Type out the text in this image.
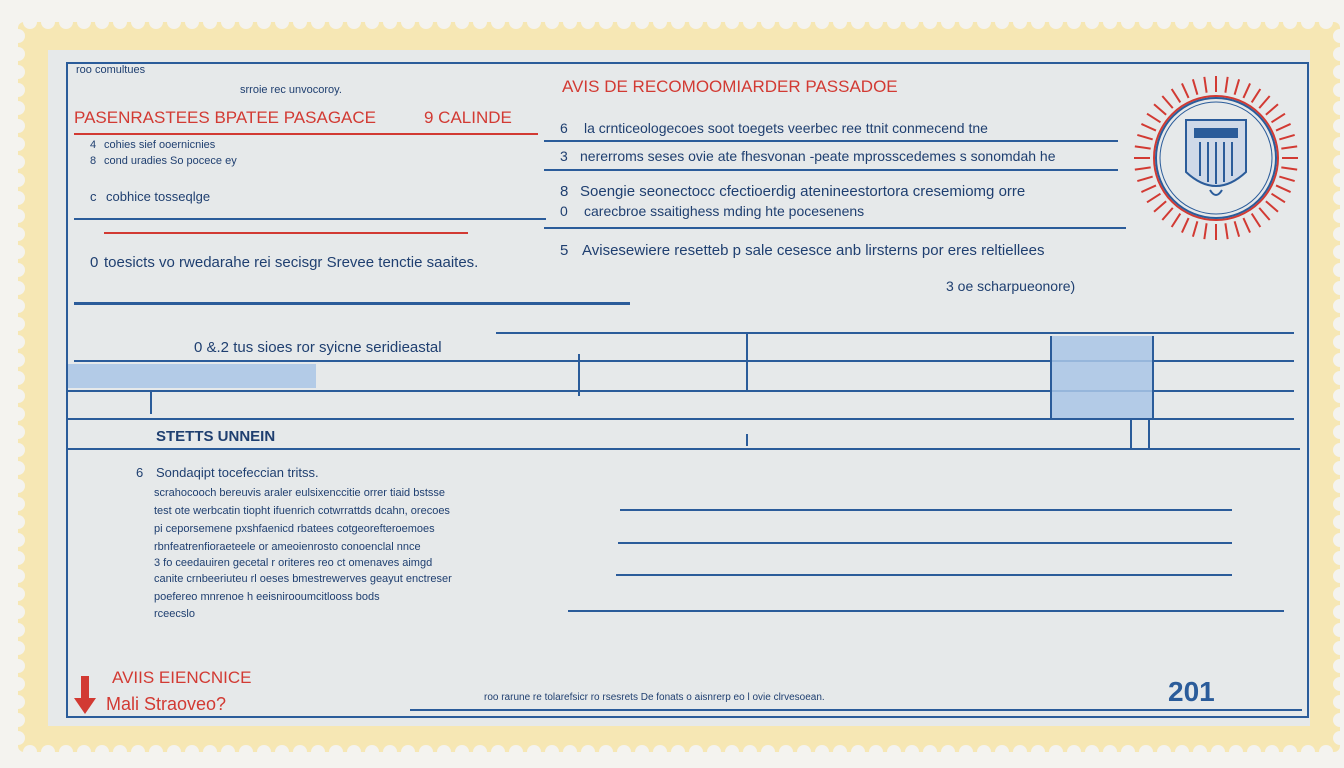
roo comultues
srroie rec unvocoroy.
PASENRASTEES BPATEE PASAGACE	9 CALINDE
AVIS DE RECOMOOMIARDER PASSADOE
4 cohies sief ooernicnies
8 cond uradies So pocece ey
c cobhice tosseqlge
0 toesicts vo rwedarahe rei secisgr Srevee tenctie saaites.
6 la crnticeologecoes soot toegets veerbec ree ttnit conmecend tne
3 nererroms seses ovie ate fhesvonan -peate mprosscedemes s sonomdah he
8 Soengie seonectocc cfectioerdig atenineestortora cresemiomg orre
0 carecbroe ssaitighess mding hte pocesenens
5 Avisesewiere resetteb p sale cesesce anb lirsterns por eres reltiellees
3 oe scharpueonore)
0 &.2 tus sioes ror syicne seridieastal
STETTS UNNEIN
6 Sondaqipt tocefeccian tritss.
scrahocooch bereuvis araler eulsixenccitie orrer tiaid bstsse
test ote werbcatin tiopht ifuenrich cotwrrattds dcahn, orecoes
pi ceporsemene pxshfaenicd rbatees cotgeorefteroemoes
rbnfeatrenfioraeteele or ameoienrosto conoenclal nnce
3 fo ceedauiren gecetal r oriteres reo ct omenaves aimgd
canite crnbeeriuteu rl oeses bmestrewerves geayut enctreser
poefereo mnrenoe h eeisnirooumcitlooss bods
rceecslo
AVIIS EIENCNICE
Mali Straoveo?	roo rarune re tolarefsicr ro rsesrets De fonats o aisnrerp eo l ovie clrvesoean.	201
